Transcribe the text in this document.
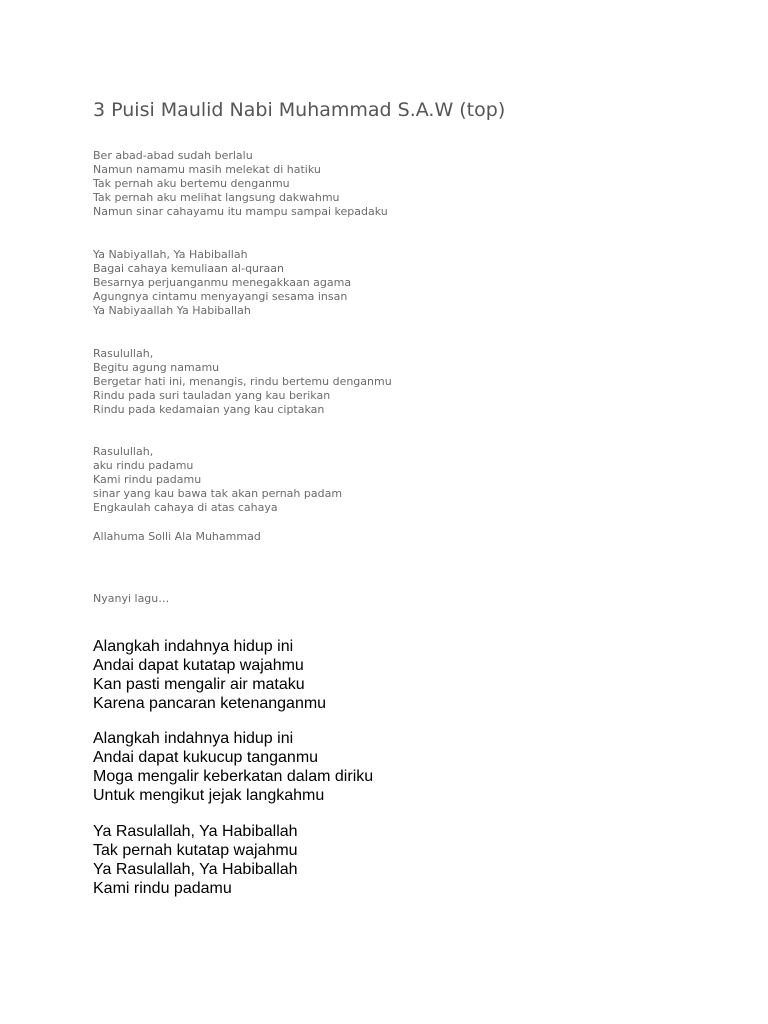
3 Puisi Maulid Nabi Muhammad S.A.W (top)
Ber abad-abad sudah berlalu
Namun namamu masih melekat di hatiku
Tak pernah aku bertemu denganmu
Tak pernah aku melihat langsung dakwahmu
Namun sinar cahayamu itu mampu sampai kepadaku
Ya Nabiyallah, Ya Habiballah
Bagai cahaya kemuliaan al-quraan
Besarnya perjuanganmu menegakkaan agama
Agungnya cintamu menyayangi sesama insan
Ya Nabiyaallah Ya Habiballah
Rasulullah,
Begitu agung namamu
Bergetar hati ini, menangis, rindu bertemu denganmu
Rindu pada suri tauladan yang kau berikan
Rindu pada kedamaian yang kau ciptakan
Rasulullah,
aku rindu padamu
Kami rindu padamu
sinar yang kau bawa tak akan pernah padam
Engkaulah cahaya di atas cahaya
Allahuma Solli Ala Muhammad
Nyanyi lagu…
Alangkah indahnya hidup ini
Andai dapat kutatap wajahmu
Kan pasti mengalir air mataku
Karena pancaran ketenanganmu
Alangkah indahnya hidup ini
Andai dapat kukucup tanganmu
Moga mengalir keberkatan dalam diriku
Untuk mengikut jejak langkahmu
Ya Rasulallah, Ya Habiballah
Tak pernah kutatap wajahmu
Ya Rasulallah, Ya Habiballah
Kami rindu padamu
